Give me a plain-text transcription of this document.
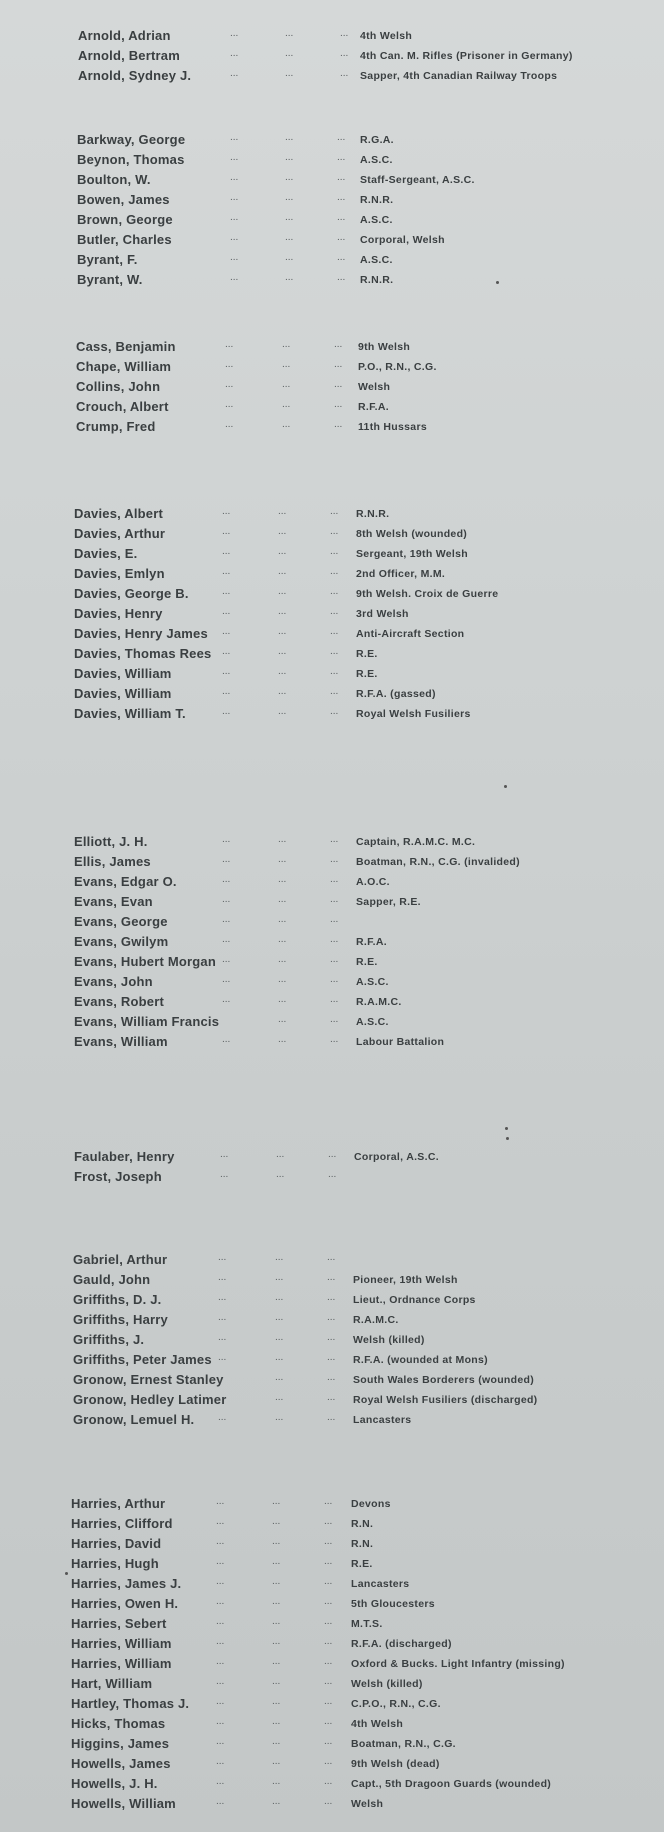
Arnold, Adrian	...	...	... 4th Welsh
Arnold, Bertram	...	...	... 4th Can. M. Rifles (Prisoner in Germany)
Arnold, Sydney J.	...	...	... Sapper, 4th Canadian Railway Troops
Barkway, George	...	...	... R.G.A.
Beynon, Thomas	...	...	... A.S.C.
Boulton, W.	...	...	... Staff-Sergeant, A.S.C.
Bowen, James	...	...	... R.N.R.
Brown, George	...	...	... A.S.C.
Butler, Charles	...	...	... Corporal, Welsh
Byrant, F.	...	...	... A.S.C.
Byrant, W.	...	...	... R.N.R.
Cass, Benjamin	...	...	... 9th Welsh
Chape, William	...	...	... P.O., R.N., C.G.
Collins, John	...	...	... Welsh
Crouch, Albert	...	...	... R.F.A.
Crump, Fred	...	...	... 11th Hussars
Davies, Albert	...	...	... R.N.R.
Davies, Arthur	...	...	... 8th Welsh (wounded)
Davies, E.	...	...	... Sergeant, 19th Welsh
Davies, Emlyn	...	...	... 2nd Officer, M.M.
Davies, George B.	...	...	... 9th Welsh. Croix de Guerre
Davies, Henry	...	...	... 3rd Welsh
Davies, Henry James ...	...	... Anti-Aircraft Section
Davies, Thomas Rees ...	...	... R.E.
Davies, William	...	...	... R.E.
Davies, William	...	...	... R.F.A. (gassed)
Davies, William T.	...	...	... Royal Welsh Fusiliers
Elliott, J. H.	...	...	... Captain, R.A.M.C. M.C.
Ellis, James	...	...	... Boatman, R.N., C.G. (invalided)
Evans, Edgar O.	...	...	... A.O.C.
Evans, Evan	...	...	... Sapper, R.E.
Evans, George	...	...	...
Evans, Gwilym	...	...	... R.F.A.
Evans, Hubert Morgan ...	...	... R.E.
Evans, John	...	...	... A.S.C.
Evans, Robert	...	...	... R.A.M.C.
Evans, William Francis	...	... A.S.C.
Evans, William	...	...	... Labour Battalion
Faulaber, Henry	...	...	... Corporal, A.S.C.
Frost, Joseph	...	...	...
Gabriel, Arthur	...	...	...
Gauld, John	...	...	... Pioneer, 19th Welsh
Griffiths, D. J.	...	...	... Lieut., Ordnance Corps
Griffiths, Harry	...	...	... R.A.M.C.
Griffiths, J.	...	...	... Welsh (killed)
Griffiths, Peter James ...	...	... R.F.A. (wounded at Mons)
Gronow, Ernest Stanley	...	... South Wales Borderers (wounded)
Gronow, Hedley Latimer	...	... Royal Welsh Fusiliers (discharged)
Gronow, Lemuel H. ...	...	... Lancasters
Harries, Arthur	...	...	... Devons
Harries, Clifford	...	...	... R.N.
Harries, David	...	...	... R.N.
Harries, Hugh	...	...	... R.E.
Harries, James J.	...	...	... Lancasters
Harries, Owen H.	...	...	... 5th Gloucesters
Harries, Sebert	...	...	... M.T.S.
Harries, William	...	...	... R.F.A. (discharged)
Harries, William	...	...	... Oxford & Bucks. Light Infantry (missing)
Hart, William	...	...	... Welsh (killed)
Hartley, Thomas J.	...	...	... C.P.O., R.N., C.G.
Hicks, Thomas	...	...	... 4th Welsh
Higgins, James	...	...	... Boatman, R.N., C.G.
Howells, James	...	...	... 9th Welsh (dead)
Howells, J. H.	...	...	... Capt., 5th Dragoon Guards (wounded)
Howells, William	...	...	... Welsh
